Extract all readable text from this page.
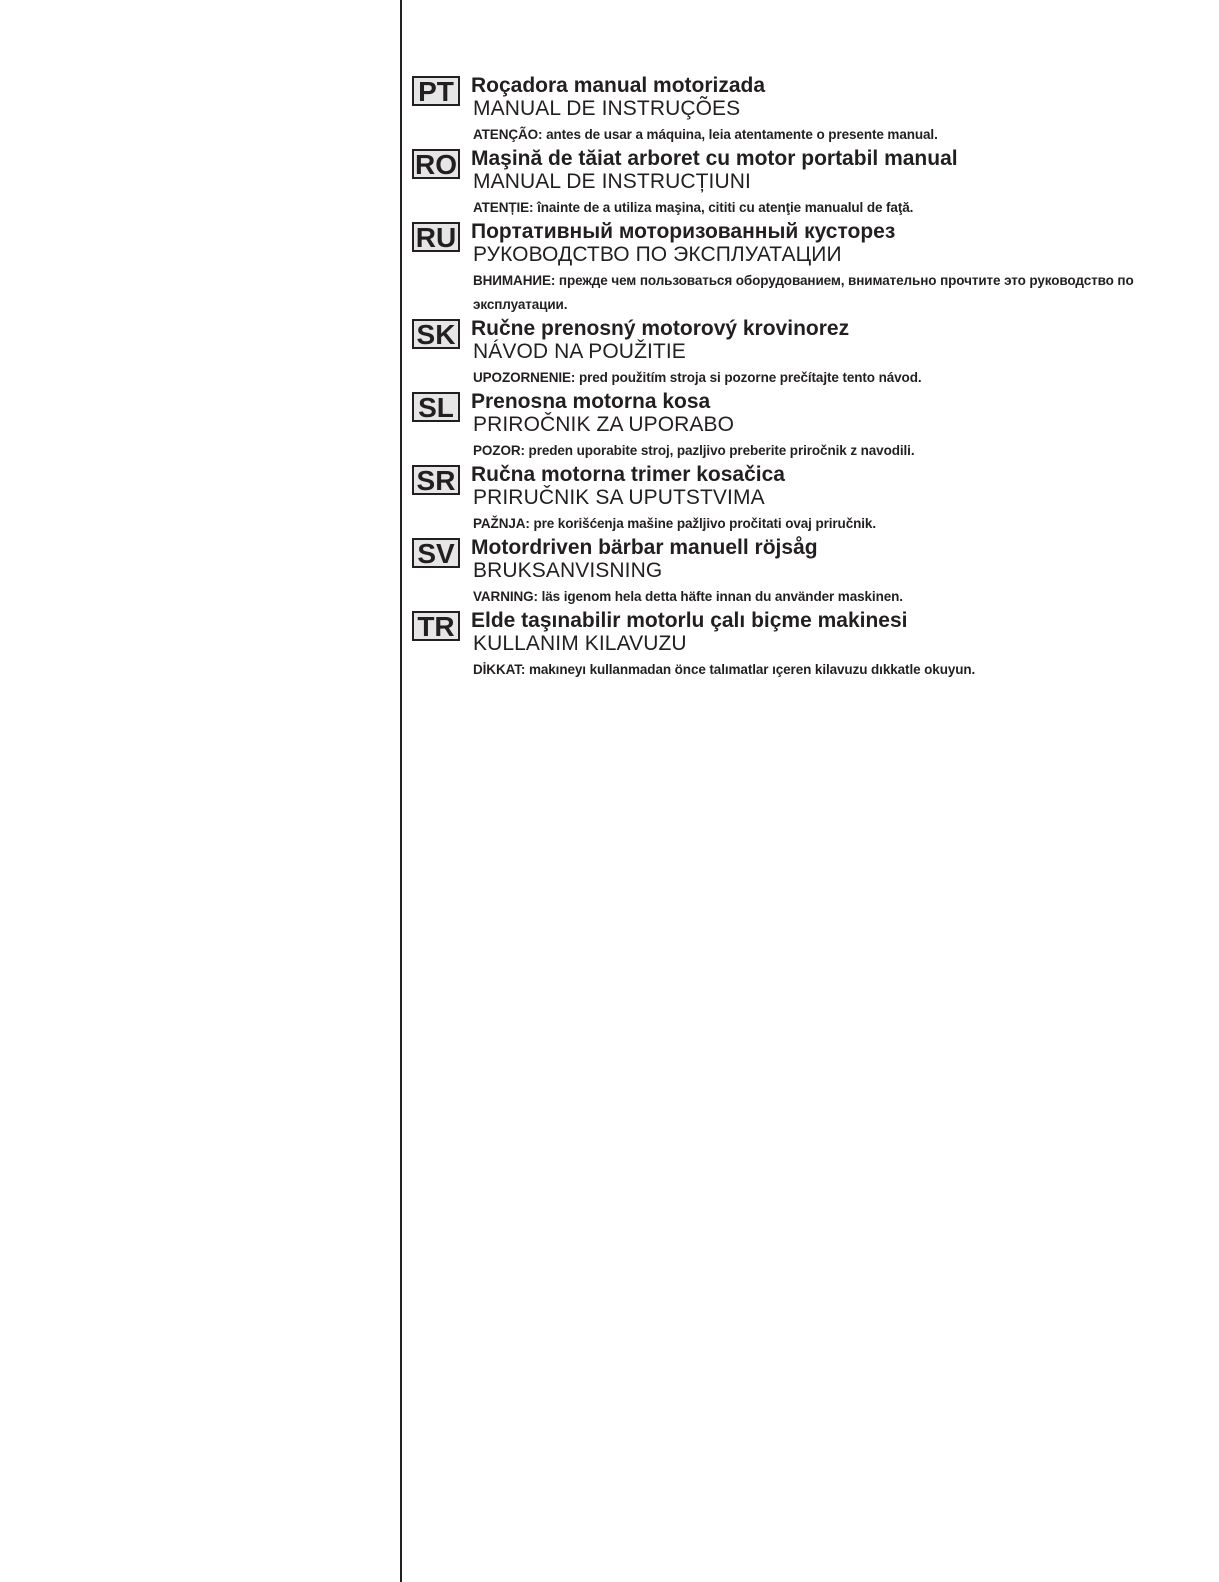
PT Roçadora manual motorizada
MANUAL DE INSTRUÇÕES
ATENÇÃO: antes de usar a máquina, leia atentamente o presente manual.
RO Maşină de tăiat arboret cu motor portabil manual
MANUAL DE INSTRUCȚIUNI
ATENȚIE: înainte de a utiliza maşina, cititi cu atenţie manualul de faţă.
RU Портативный моторизованный кусторез
РУКОВОДСТВО ПО ЭКСПЛУАТАЦИИ
ВНИМАНИЕ: прежде чем пользоваться оборудованием, внимательно прочтите это руководство по эксплуатации.
SK Ručne prenosný motorový krovinorez
NÁVOD NA POUŽITIE
UPOZORNENIE: pred použitím stroja si pozorne prečítajte tento návod.
SL Prenosna motorna kosa
PRIROČNIK ZA UPORABO
POZOR: preden uporabite stroj, pazljivo preberite priročnik z navodili.
SR Ručna motorna trimer kosačica
PRIRUČNIK SA UPUTSTVIMA
PAŽNJA: pre korišćenja mašine pažljivo pročitati ovaj priručnik.
SV Motordriven bärbar manuell röjsåg
BRUKSANVISNING
VARNING: läs igenom hela detta häfte innan du använder maskinen.
TR Elde taşınabilir motorlu çalı biçme makinesi
KULLANIM KILAVUZU
DİKKAT: makıneyı kullanmadan önce talımatlar ıçeren kilavuzu dıkkatle okuyun.
